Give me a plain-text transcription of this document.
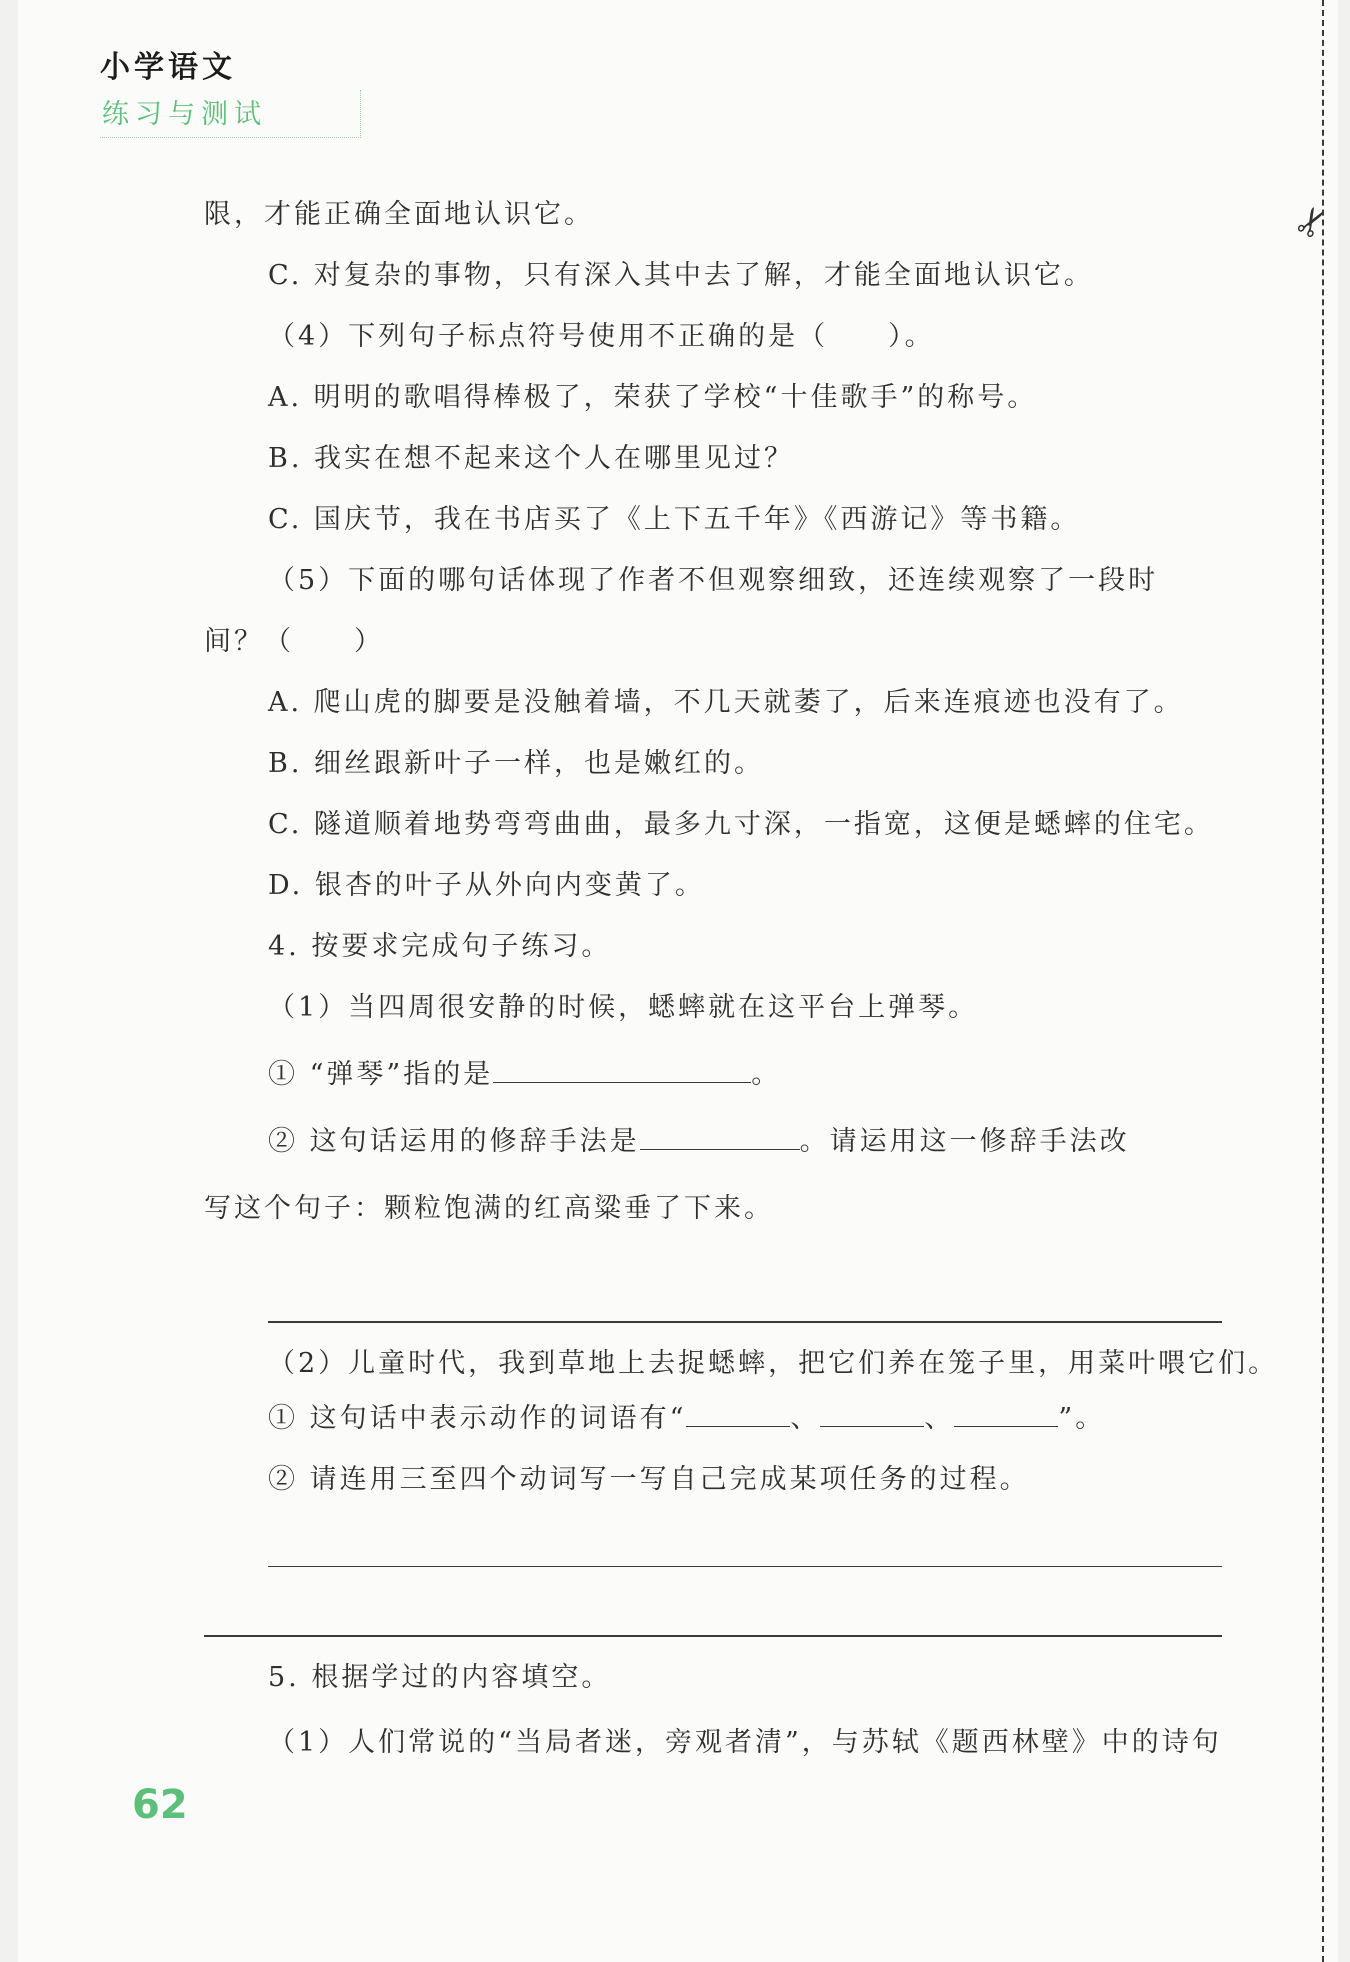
小学语文
练习与测试
✂
限，才能正确全面地认识它。
C. 对复杂的事物，只有深入其中去了解，才能全面地认识它。
（4）下列句子标点符号使用不正确的是（　　）。
A. 明明的歌唱得棒极了，荣获了学校“十佳歌手”的称号。
B. 我实在想不起来这个人在哪里见过？
C. 国庆节，我在书店买了《上下五千年》《西游记》等书籍。
（5）下面的哪句话体现了作者不但观察细致，还连续观察了一段时
间？（　　）
A. 爬山虎的脚要是没触着墙，不几天就萎了，后来连痕迹也没有了。
B. 细丝跟新叶子一样，也是嫩红的。
C. 隧道顺着地势弯弯曲曲，最多九寸深，一指宽，这便是蟋蟀的住宅。
D. 银杏的叶子从外向内变黄了。
4. 按要求完成句子练习。
（1）当四周很安静的时候，蟋蟀就在这平台上弹琴。
① “弹琴”指的是	。
② 这句话运用的修辞手法是	。请运用这一修辞手法改
写这个句子：颗粒饱满的红高粱垂了下来。
（2）儿童时代，我到草地上去捉蟋蟀，把它们养在笼子里，用菜叶喂它们。
① 这句话中表示动作的词语有“	、	、	”。
② 请连用三至四个动词写一写自己完成某项任务的过程。
5. 根据学过的内容填空。
（1）人们常说的“当局者迷，旁观者清”，与苏轼《题西林壁》中的诗句
62
